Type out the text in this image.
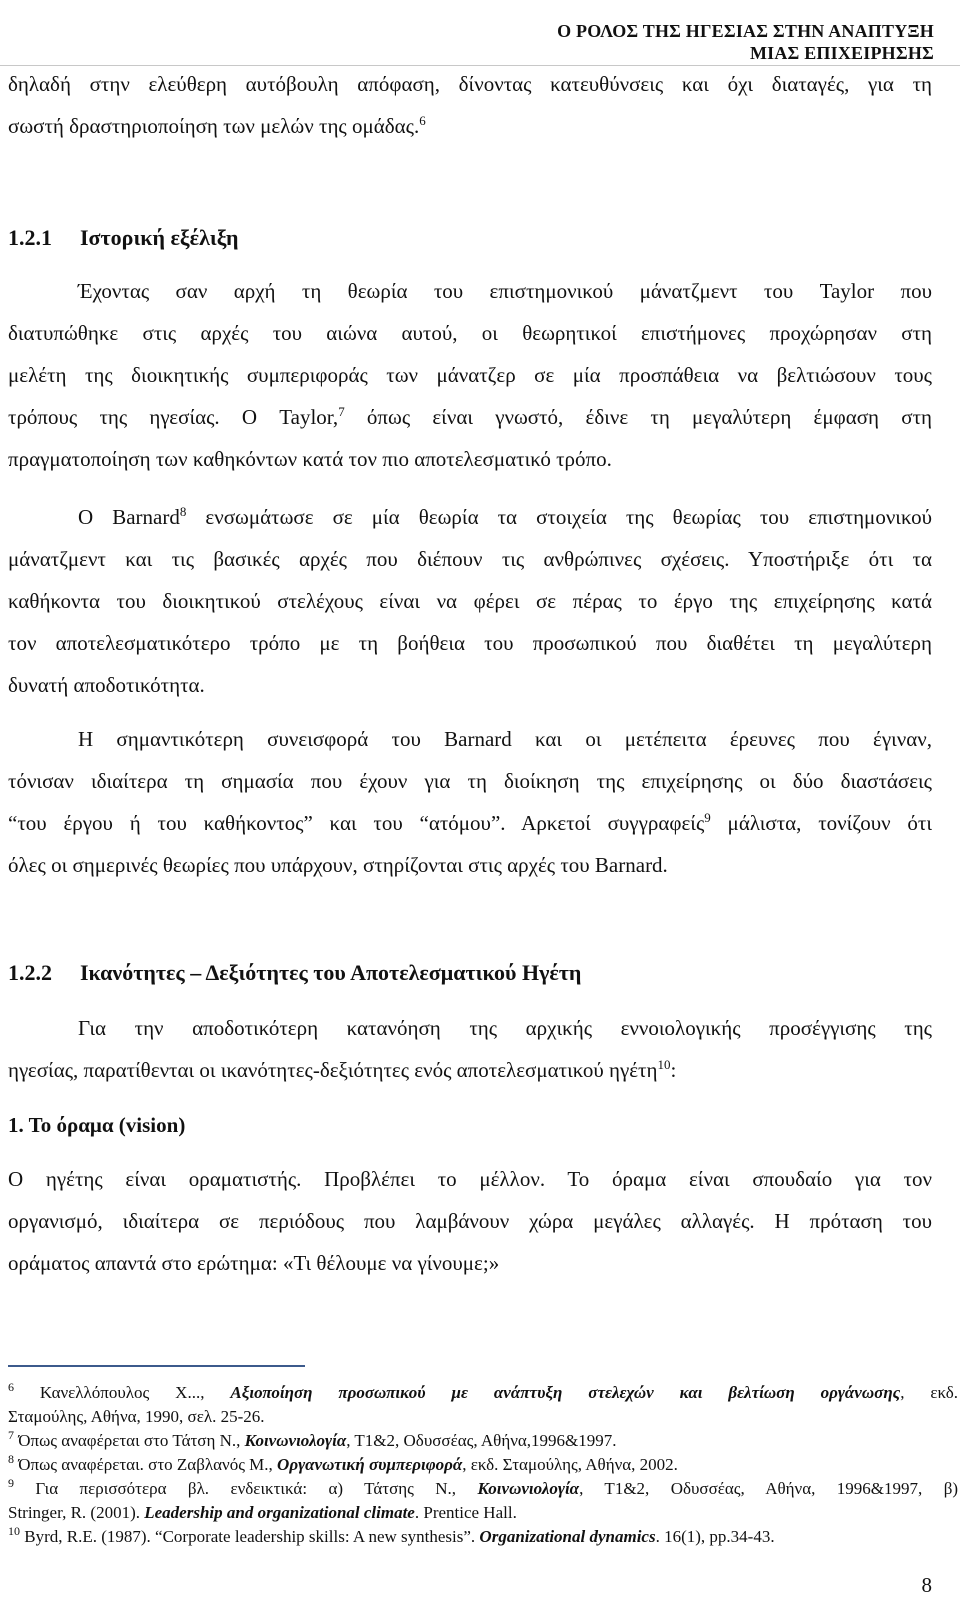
Ο ΡΟΛΟΣ ΤΗΣ ΗΓΕΣΙΑΣ ΣΤΗΝ ΑΝΑΠΤΥΞΗ
ΜΙΑΣ ΕΠΙΧΕΙΡΗΣΗΣ
δηλαδή στην ελεύθερη αυτόβουλη απόφαση, δίνοντας κατευθύνσεις και όχι διαταγές, για τη
σωστή δραστηριοποίηση των μελών της ομάδας.$^6$
1.2.1 Ιστορική εξέλιξη
Έχοντας σαν αρχή τη θεωρία του επιστημονικού μάνατζμεντ του Taylor που
διατυπώθηκε στις αρχές του αιώνα αυτού, οι θεωρητικοί επιστήμονες προχώρησαν στη
μελέτη της διοικητικής συμπεριφοράς των μάνατζερ σε μία προσπάθεια να βελτιώσουν τους
τρόπους της ηγεσίας. Ο Taylor,$^7$ όπως είναι γνωστό, έδινε τη μεγαλύτερη έμφαση στη
πραγματοποίηση των καθηκόντων κατά τον πιο αποτελεσματικό τρόπο.
Ο Barnard$^8$ ενσωμάτωσε σε μία θεωρία τα στοιχεία της θεωρίας του επιστημονικού
μάνατζμεντ και τις βασικές αρχές που διέπουν τις ανθρώπινες σχέσεις. Υποστήριξε ότι τα
καθήκοντα του διοικητικού στελέχους είναι να φέρει σε πέρας το έργο της επιχείρησης κατά
τον αποτελεσματικότερο τρόπο με τη βοήθεια του προσωπικού που διαθέτει τη μεγαλύτερη
δυνατή αποδοτικότητα.
Η σημαντικότερη συνεισφορά του Barnard και οι μετέπειτα έρευνες που έγιναν,
τόνισαν ιδιαίτερα τη σημασία που έχουν για τη διοίκηση της επιχείρησης οι δύο διαστάσεις
“του έργου ή του καθήκοντος” και του “ατόμου”. Αρκετοί συγγραφείς$^9$ μάλιστα, τονίζουν ότι
όλες οι σημερινές θεωρίες που υπάρχουν, στηρίζονται στις αρχές του Barnard.
1.2.2 Ικανότητες – Δεξιότητες του Αποτελεσματικού Ηγέτη
Για την αποδοτικότερη κατανόηση της αρχικής εννοιολογικής προσέγγισης της
ηγεσίας, παρατίθενται οι ικανότητες-δεξιότητες ενός αποτελεσματικού ηγέτη$^{10}$:
1. Το όραμα (vision)
Ο ηγέτης είναι οραματιστής. Προβλέπει το μέλλον. Το όραμα είναι σπουδαίο για τον
οργανισμό, ιδιαίτερα σε περιόδους που λαμβάνουν χώρα μεγάλες αλλαγές. Η πρόταση του
οράματος απαντά στο ερώτημα: «Τι θέλουμε να γίνουμε;»
$^6$ Κανελλόπουλος Χ..., Αξιοποίηση προσωπικού με ανάπτυξη στελεχών και βελτίωση οργάνωσης, εκδ.
Σταμούλης, Αθήνα, 1990, σελ. 25-26.
$^7$ Όπως αναφέρεται στο Τάτση Ν., Κοινωνιολογία, Τ1&2, Οδυσσέας, Αθήνα,1996&1997.
$^8$ Όπως αναφέρεται. στο Ζαβλανός Μ., Οργανωτική συμπεριφορά, εκδ. Σταμούλης, Αθήνα, 2002.
$^9$ Για περισσότερα βλ. ενδεικτικά: α) Τάτσης Ν., Κοινωνιολογία, Τ1&2, Οδυσσέας, Αθήνα, 1996&1997, β)
Stringer, R. (2001). Leadership and organizational climate. Prentice Hall.
$^{10}$ Byrd, R.E. (1987). “Corporate leadership skills: A new synthesis”. Organizational dynamics. 16(1), pp.34-43.
8
